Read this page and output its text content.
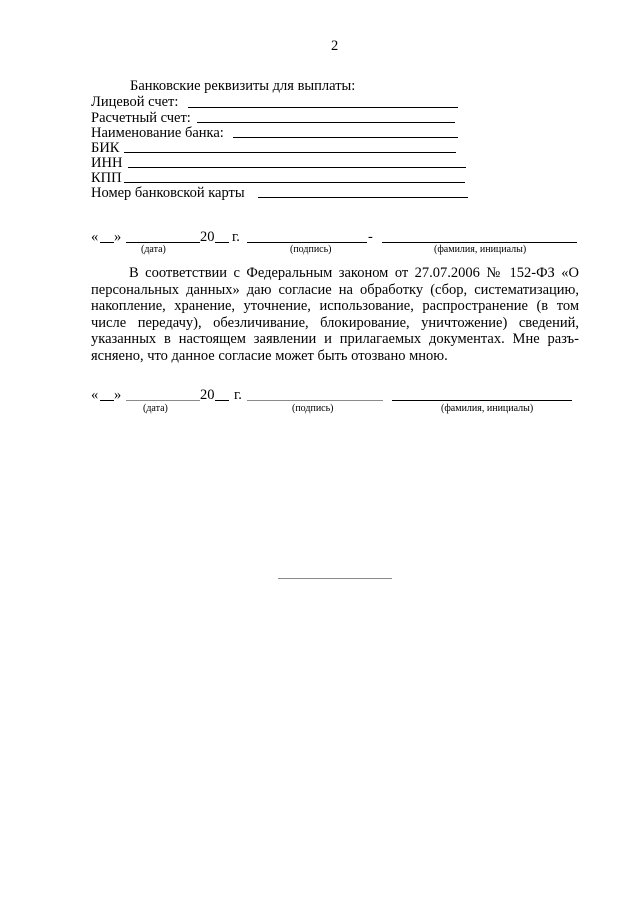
2
Банковские реквизиты для выплаты:
Лицевой счет:
Расчетный счет:
Наименование банка:
БИК
ИНН
КПП
Номер банковской карты
« »	20 г.	-
(дата)	(подпись)	(фамилия, инициалы)
В соответствии с Федеральным законом от 27.07.2006 № 152-ФЗ «О персональных данных» даю согласие на обработку (сбор, систематизацию, накопление, хранение, уточнение, использование, распространение (в том числе передачу), обезличивание, блокирование, уничтожение) сведений, указанных в настоящем заявлении и прилагаемых документах. Мне разъ-ясняено, что данное согласие может быть отозвано мною.
« »	20 г.
(дата)	(подпись)	(фамилия, инициалы)
